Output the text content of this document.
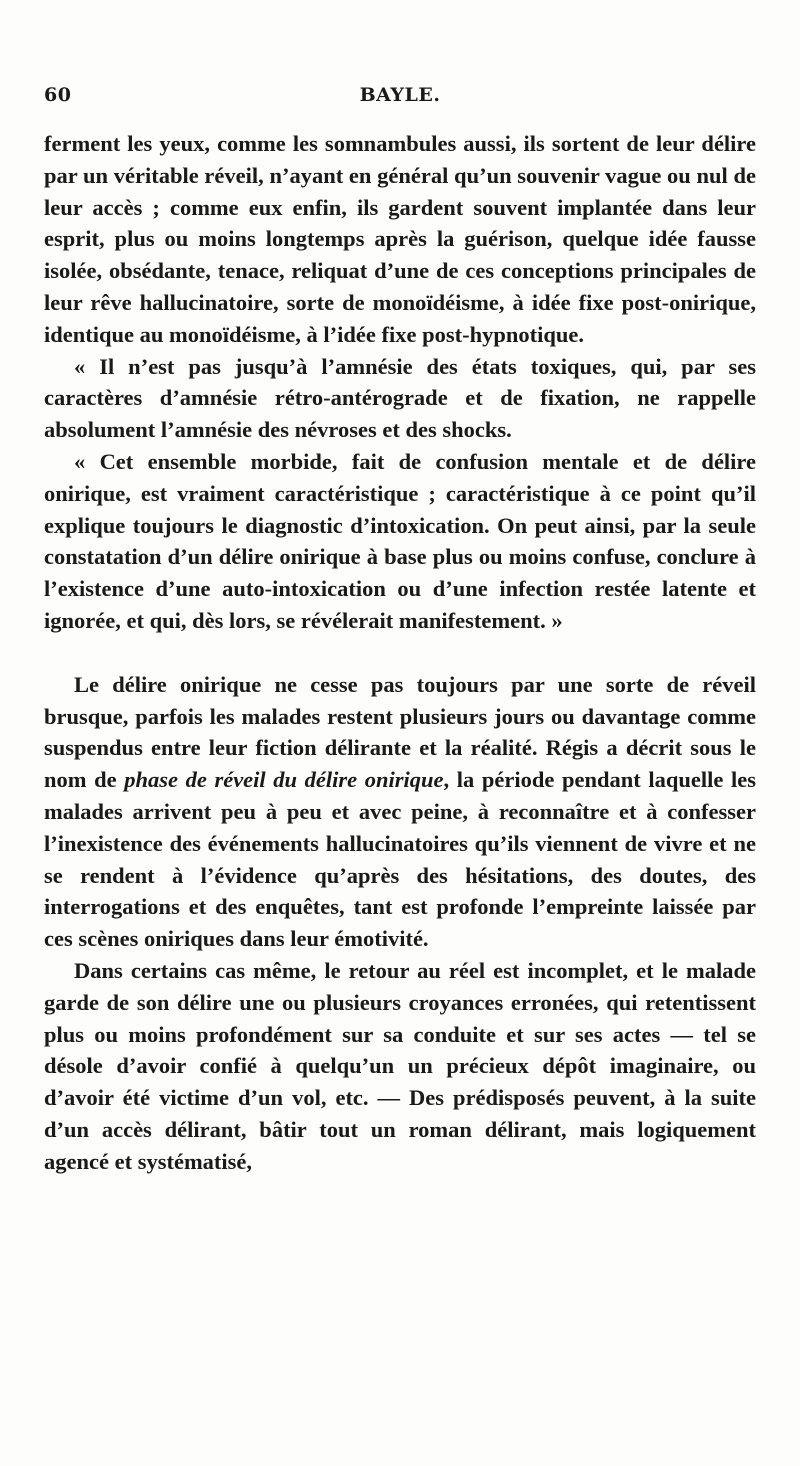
60	BAYLE.

ferment les yeux, comme les somnambules aussi, ils sortent de leur délire par un véritable réveil, n’ayant en général qu’un souvenir vague ou nul de leur accès ; comme eux enfin, ils gardent souvent implantée dans leur esprit, plus ou moins longtemps après la guérison, quelque idée fausse isolée, obsédante, tenace, reliquat d’une de ces conceptions principales de leur rêve hallucinatoire, sorte de monoïdéisme, à idée fixe post-onirique, identique au monoïdéisme, à l’idée fixe post-hypnotique.

« Il n’est pas jusqu’à l’amnésie des états toxiques, qui, par ses caractères d’amnésie rétro-antérograde et de fixation, ne rappelle absolument l’amnésie des névroses et des shocks.

« Cet ensemble morbide, fait de confusion mentale et de délire onirique, est vraiment caractéristique ; caractéristique à ce point qu’il explique toujours le diagnostic d’intoxication. On peut ainsi, par la seule constatation d’un délire onirique à base plus ou moins confuse, conclure à l’existence d’une auto-intoxication ou d’une infection restée latente et ignorée, et qui, dès lors, se révélerait manifestement. »

Le délire onirique ne cesse pas toujours par une sorte de réveil brusque, parfois les malades restent plusieurs jours ou davantage comme suspendus entre leur fiction délirante et la réalité. Régis a décrit sous le nom de phase de réveil du délire onirique, la période pendant laquelle les malades arrivent peu à peu et avec peine, à reconnaître et à confesser l’inexistence des événements hallucinatoires qu’ils viennent de vivre et ne se rendent à l’évidence qu’après des hésitations, des doutes, des interrogations et des enquêtes, tant est profonde l’empreinte laissée par ces scènes oniriques dans leur émotivité.

Dans certains cas même, le retour au réel est incomplet, et le malade garde de son délire une ou plusieurs croyances erronées, qui retentissent plus ou moins profondément sur sa conduite et sur ses actes — tel se désole d’avoir confié à quelqu’un un précieux dépôt imaginaire, ou d’avoir été victime d’un vol, etc. — Des prédisposés peuvent, à la suite d’un accès délirant, bâtir tout un roman délirant, mais logiquement agencé et systématisé,
